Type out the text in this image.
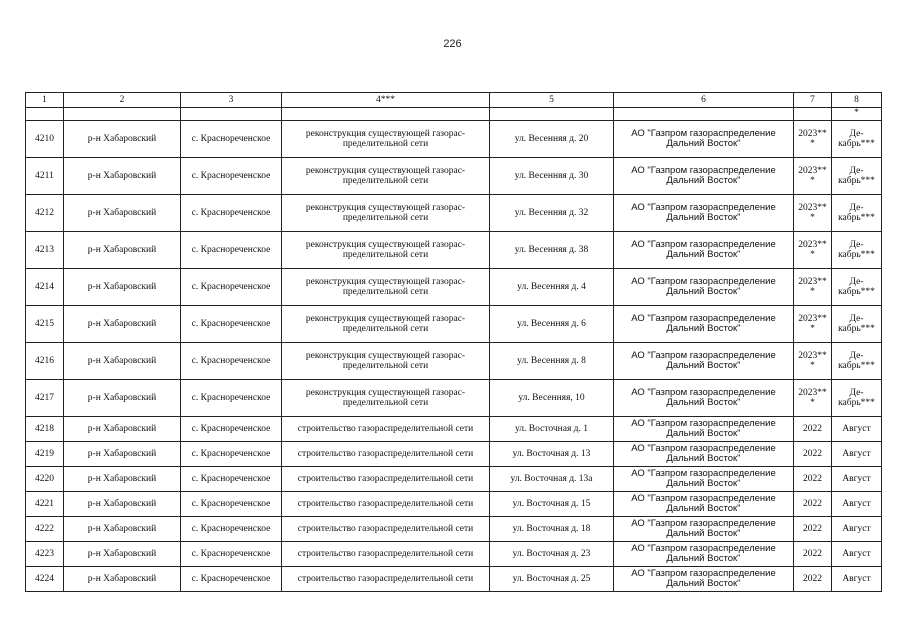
226
1	2	3	4***	5	6	7	8
							*
4210	р-н Хабаровский	с. Краснореченское	реконструкция существующей газорас-пределительной сети	ул. Весенняя д. 20	АО "Газпром газораспределение Дальний Восток"	2023***	Де-кабрь***
4211	р-н Хабаровский	с. Краснореченское	реконструкция существующей газорас-пределительной сети	ул. Весенняя д. 30	АО "Газпром газораспределение Дальний Восток"	2023***	Де-кабрь***
4212	р-н Хабаровский	с. Краснореченское	реконструкция существующей газорас-пределительной сети	ул. Весенняя д. 32	АО "Газпром газораспределение Дальний Восток"	2023***	Де-кабрь***
4213	р-н Хабаровский	с. Краснореченское	реконструкция существующей газорас-пределительной сети	ул. Весенняя д. 38	АО "Газпром газораспределение Дальний Восток"	2023***	Де-кабрь***
4214	р-н Хабаровский	с. Краснореченское	реконструкция существующей газорас-пределительной сети	ул. Весенняя д. 4	АО "Газпром газораспределение Дальний Восток"	2023***	Де-кабрь***
4215	р-н Хабаровский	с. Краснореченское	реконструкция существующей газорас-пределительной сети	ул. Весенняя д. 6	АО "Газпром газораспределение Дальний Восток"	2023***	Де-кабрь***
4216	р-н Хабаровский	с. Краснореченское	реконструкция существующей газорас-пределительной сети	ул. Весенняя д. 8	АО "Газпром газораспределение Дальний Восток"	2023***	Де-кабрь***
4217	р-н Хабаровский	с. Краснореченское	реконструкция существующей газорас-пределительной сети	ул. Весенняя, 10	АО "Газпром газораспределение Дальний Восток"	2023***	Де-кабрь***
4218	р-н Хабаровский	с. Краснореченское	строительство газораспределительной сети	ул. Восточная д. 1	АО "Газпром газораспределение Дальний Восток"	2022	Август
4219	р-н Хабаровский	с. Краснореченское	строительство газораспределительной сети	ул. Восточная д. 13	АО "Газпром газораспределение Дальний Восток"	2022	Август
4220	р-н Хабаровский	с. Краснореченское	строительство газораспределительной сети	ул. Восточная д. 13а	АО "Газпром газораспределение Дальний Восток"	2022	Август
4221	р-н Хабаровский	с. Краснореченское	строительство газораспределительной сети	ул. Восточная д. 15	АО "Газпром газораспределение Дальний Восток"	2022	Август
4222	р-н Хабаровский	с. Краснореченское	строительство газораспределительной сети	ул. Восточная д. 18	АО "Газпром газораспределение Дальний Восток"	2022	Август
4223	р-н Хабаровский	с. Краснореченское	строительство газораспределительной сети	ул. Восточная д. 23	АО "Газпром газораспределение Дальний Восток"	2022	Август
4224	р-н Хабаровский	с. Краснореченское	строительство газораспределительной сети	ул. Восточная д. 25	АО "Газпром газораспределение Дальний Восток"	2022	Август
